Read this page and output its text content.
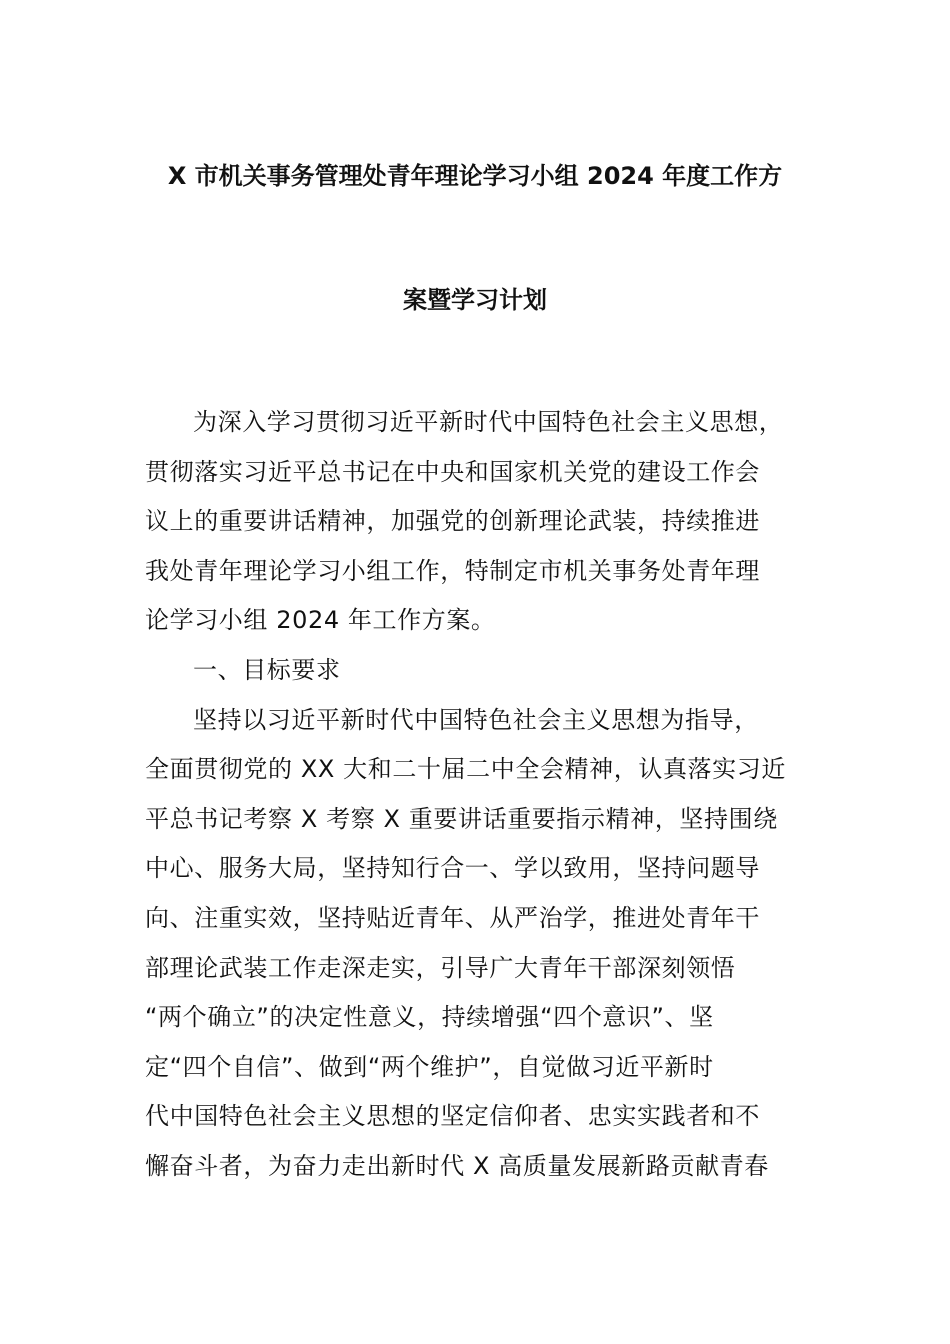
X 市机关事务管理处青年理论学习小组 2024 年度工作方
案暨学习计划
为深入学习贯彻习近平新时代中国特色社会主义思想，
贯彻落实习近平总书记在中央和国家机关党的建设工作会
议上的重要讲话精神，加强党的创新理论武装，持续推进
我处青年理论学习小组工作，特制定市机关事务处青年理
论学习小组 2024 年工作方案。
一、目标要求
坚持以习近平新时代中国特色社会主义思想为指导，
全面贯彻党的 XX 大和二十届二中全会精神，认真落实习近
平总书记考察 X 考察 X 重要讲话重要指示精神，坚持围绕
中心、服务大局，坚持知行合一、学以致用，坚持问题导
向、注重实效，坚持贴近青年、从严治学，推进处青年干
部理论武装工作走深走实，引导广大青年干部深刻领悟
“两个确立”的决定性意义，持续增强“四个意识”、坚
定“四个自信”、做到“两个维护”，自觉做习近平新时
代中国特色社会主义思想的坚定信仰者、忠实实践者和不
懈奋斗者，为奋力走出新时代 X 高质量发展新路贡献青春
